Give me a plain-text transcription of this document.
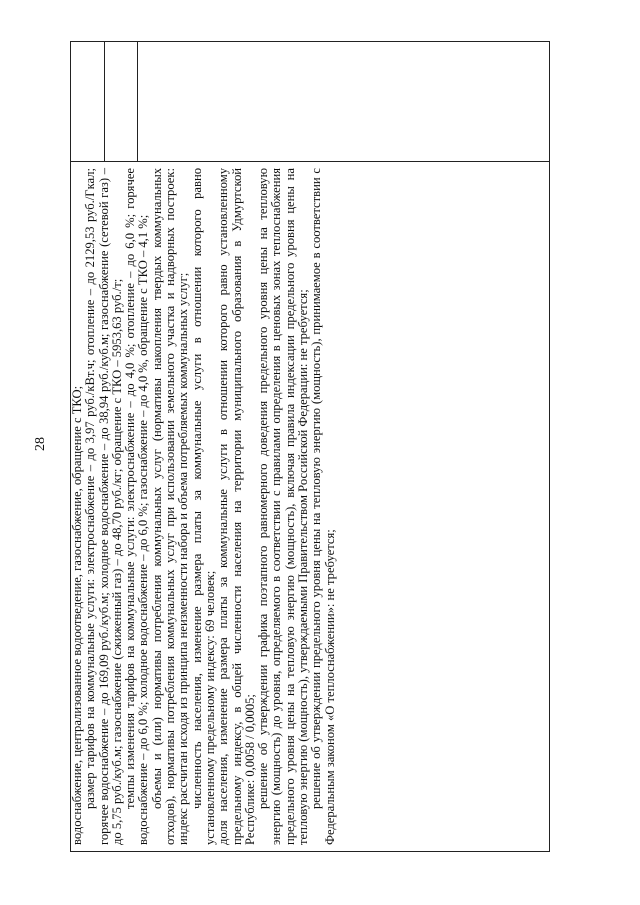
28 водоснабжение, централизованное водоотведение, газоснабжение, обращение с ТКО; размер тарифов на коммунальные услуги: электроснабжение – до 3,97 руб./кВт.ч; отопление – до 2129,53 руб./Гкал; горячее водоснабжение – до 169,09 руб./куб.м; холодное водоснабжение – до 38,94 руб./куб.м; газоснабжение (сетевой газ) – до 5,75 руб./куб.м; газоснабжение (сжиженный газ) – до 48,70 руб./кг; обращение с ТКО – 5953,63 руб./т; темпы изменения тарифов на коммунальные услуги: электроснабжение – до 4,0 %; отопление – до 6,0 %; горячее водоснабжение – до 6,0 %; холодное водоснабжение – до 6,0 %; газоснабжение – до 4,0 %, обращение с ТКО – 4,1 %; объемы и (или) нормативы потребления коммунальных услуг (нормативы накопления твердых коммунальных отходов), нормативы потребления коммунальных услуг при использовании земельного участка и надворных построек: индекс рассчитан исходя из принципа неизменности набора и объема потребляемых коммунальных услуг; численность населения, изменение размера платы за коммунальные услуги в отношении которого равно установленному предельному индексу: 69 человек; доля населения, изменение размера платы за коммунальные услуги в отношении которого равно установленному предельному индексу, в общей численности населения на территории муниципального образования в Удмуртской Республике: 0,0058 / 0,0005; решение об утверждении графика поэтапного равномерного доведения предельного уровня цены на тепловую энергию (мощность) до уровня, определяемого в соответствии с правилами определения в ценовых зонах теплоснабжения предельного уровня цены на тепловую энергию (мощность), включая правила индексации предельного уровня цены на тепловую энергию (мощность), утверждаемыми Правительством Российской Федерации: не требуется; решение об утверждении предельного уровня цены на тепловую энергию (мощность), принимаемое в соответствии с Федеральным законом «О теплоснабжении»: не требуется;
